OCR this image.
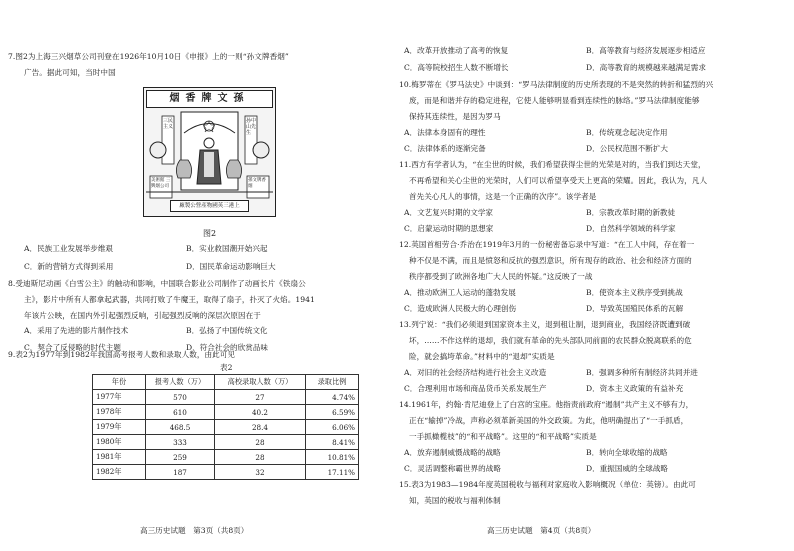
7.图2为上海三兴烟草公司刊登在1926年10月10日《申报》上的一则“孙文牌香烟”
广告。据此可知，当时中国
烟香牌文孫
三民主义
孙中山先生
美術館 三興烟公司
孫文牌香烟
廠製公營產物國英三港上
图2
A．民族工业发展举步维艰	B．实业救国潮开始兴起
C．新的营销方式得到采用	D．国民革命运动影响巨大
8.受迪斯尼动画《白雪公主》的触动和影响，中国联合影业公司制作了动画长片《铁扇公
主》，影片中所有人都拿起武器，共同打败了牛魔王，取得了扇子，扑灭了火焰。1941
年该片公映，在国内外引起强烈反响，引起强烈反响的深层次原因在于
A．采用了先进的影片制作技术	B．弘扬了中国传统文化
C．契合了反侵略的时代主题	D．符合社会的欣赏品味
9.表2为1977年到1982年我国高考报考人数和录取人数，由此可见
表2
年份	报考人数（万）	高校录取人数（万）	录取比例
1977年	570	27	4.74%
1978年	610	40.2	6.59%
1979年	468.5	28.4	6.06%
1980年	333	28	8.41%
1981年	259	28	10.81%
1982年	187	32	17.11%
高三历史试题　第3页（共8页）
A．改革开放推动了高考的恢复	B．高等教育与经济发展逐步相适应
C．高等院校招生人数不断增长	D．高等教育的规模越来越满足需求
10.梅罗蒂在《罗马法史》中谈到：“罗马法律制度的历史所表现的不是突然的转折和猛烈的兴
废，而是和谐并存的稳定进程，它使人能够明显看到连续性的脉络。”罗马法律制度能够
保持其连续性，是因为罗马
A．法律本身固有的理性	B．传统观念起决定作用
C．法律体系的逐渐完备	D．公民权范围不断扩大
11.西方有学者认为，“在尘世的时候，我们希望获得尘世的光荣是对的，当我们到达天堂，
不再希望和关心尘世的光荣时，人们可以希望享受天上更高的荣耀。因此，我认为，凡人
首先关心凡人的事情，这是一个正确的次序”。该学者是
A．文艺复兴时期的文学家	B．宗教改革时期的新教徒
C．启蒙运动时期的思想家	D．自然科学领域的科学家
12.英国首相劳合·乔治在1919年3月的一份秘密备忘录中写道：“在工人中间，存在着一
种不仅是不满，而且是愤怒和反抗的强烈意识，所有现存的政治、社会和经济方面的
秩序都受到了欧洲各地广大人民的怀疑。”这反映了一战
A．推动欧洲工人运动的蓬勃发展	B．使资本主义秩序受到挑战
C．造成欧洲人民极大的心理创伤	D．导致英国殖民体系的瓦解
13.列宁说：“我们必须退到国家资本主义，退到租让制，退到商业，我国经济既遭到破
坏，……不作这样的退却，我们就有革命的先头部队同前面的农民群众脱离联系的危
险，就会搞垮革命。”材料中的“退却”实质是
A．对旧的社会经济结构进行社会主义改造	B．强调多种所有制经济共同并进
C．合理利用市场和商品货币关系发展生产	D．资本主义政策的有益补充
14.1961年，约翰·肯尼迪登上了白宫的宝座。他指责前政府“遏制”共产主义不够有力，
正在“输掉”冷战，声称必须革新美国的外交政策。为此，他明确提出了“一手抓盾，
一手抓橄榄枝”的“和平战略”。这里的“和平战略”实质是
A．放弃遏制威慑战略的战略	B．转向全球收缩的战略
C．灵活调整称霸世界的战略	D．重振国威的全球战略
15.表3为1983—1984年度英国税收与福利对家庭收入影响概况（单位：英镑）。由此可
知，英国的税收与福利体制
高三历史试题　第4页（共8页）
